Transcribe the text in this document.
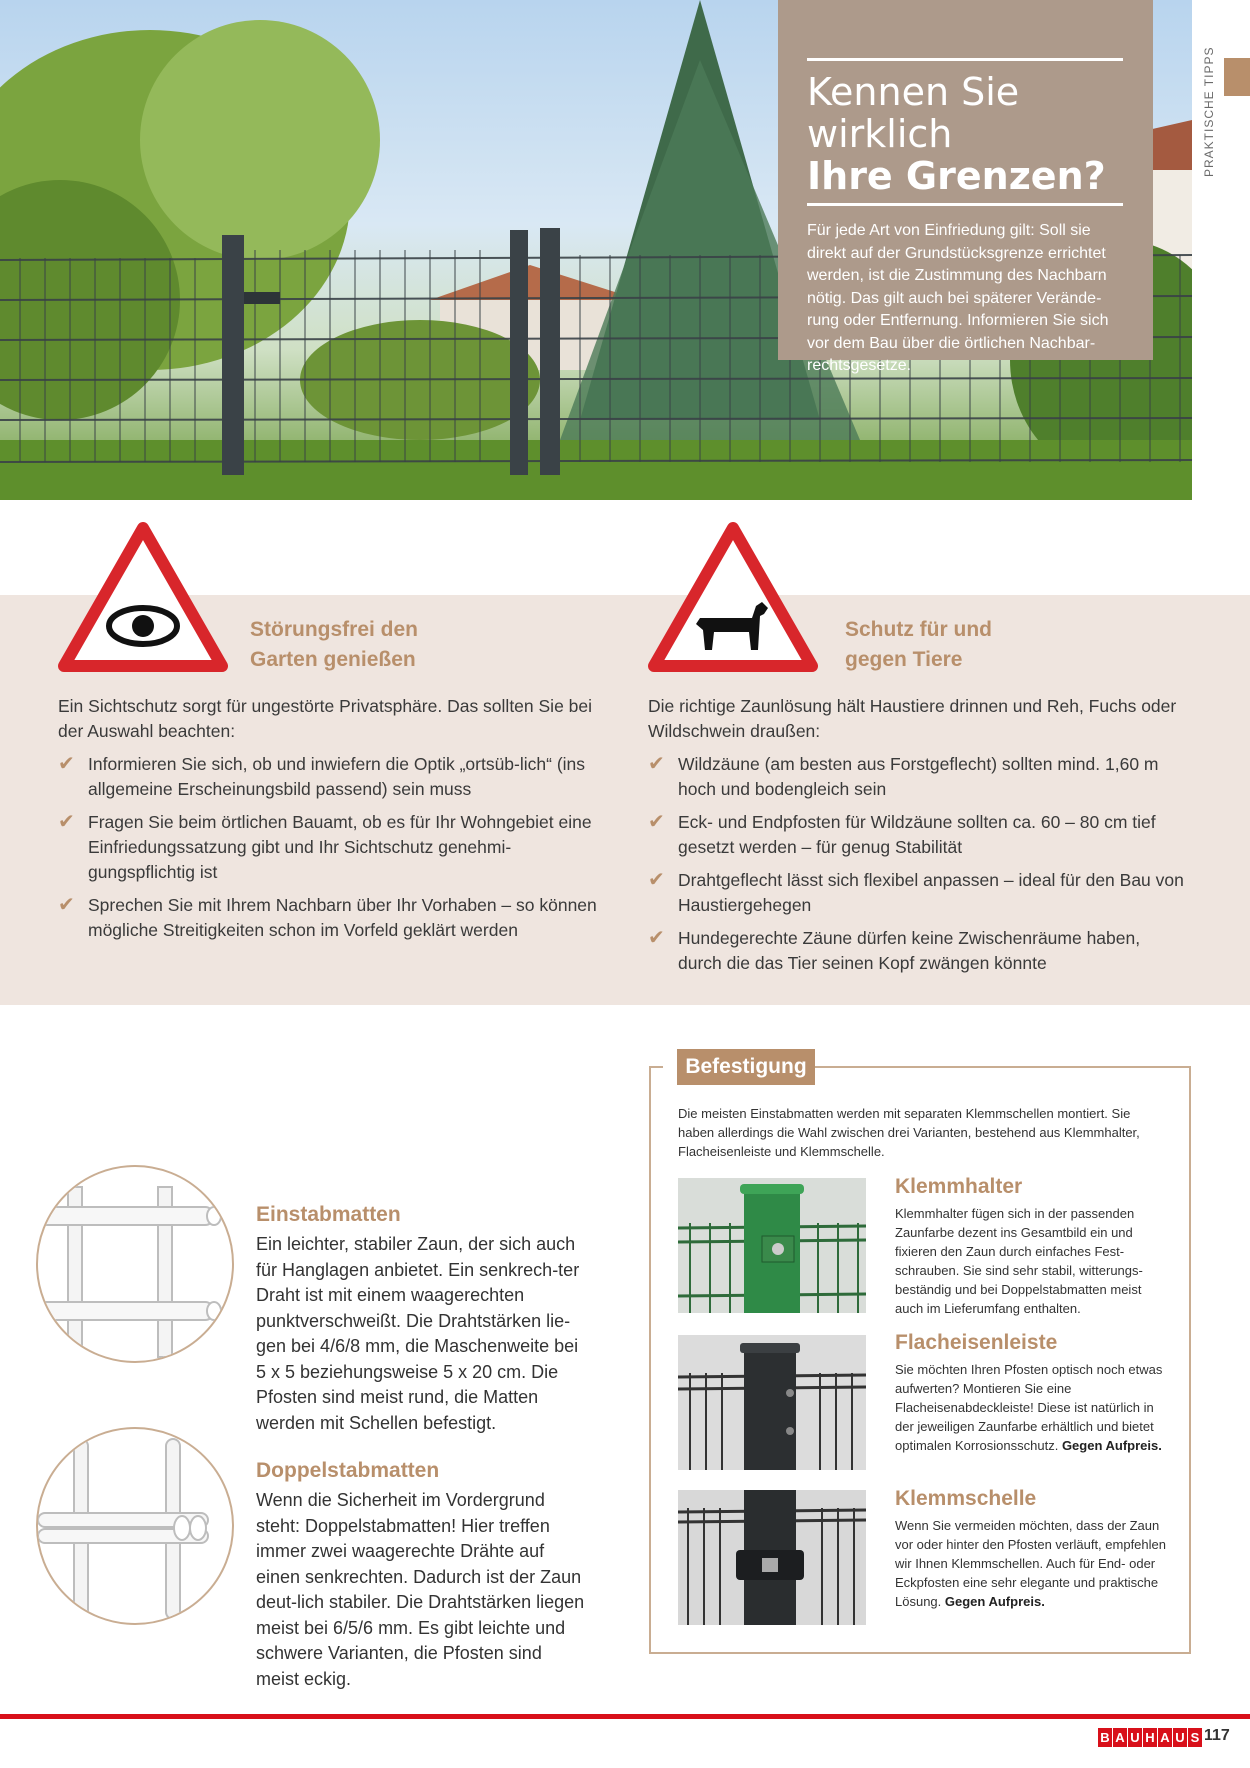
PRAKTISCHE TIPPS
Kennen Sie wirklich
Ihre Grenzen?
Für jede Art von Einfriedung gilt: Soll sie direkt auf der Grundstücksgrenze errichtet werden, ist die Zustimmung des Nachbarn nötig. Das gilt auch bei späterer Verände-rung oder Entfernung. Informieren Sie sich vor dem Bau über die örtlichen Nachbar-rechtsgesetze.
Störungsfrei den
Garten genießen
Ein Sichtschutz sorgt für ungestörte Privatsphäre. Das sollten Sie bei der Auswahl beachten:
✔ Informieren Sie sich, ob und inwiefern die Optik „ortsüb-lich“ (ins allgemeine Erscheinungsbild passend) sein muss
✔ Fragen Sie beim örtlichen Bauamt, ob es für Ihr Wohngebiet eine Einfriedungssatzung gibt und Ihr Sichtschutz genehmi-gungspflichtig ist
✔ Sprechen Sie mit Ihrem Nachbarn über Ihr Vorhaben – so können mögliche Streitigkeiten schon im Vorfeld geklärt werden
Schutz für und
gegen Tiere
Die richtige Zaunlösung hält Haustiere drinnen und Reh, Fuchs oder Wildschwein draußen:
✔ Wildzäune (am besten aus Forstgeflecht) sollten mind. 1,60 m hoch und bodengleich sein
✔ Eck- und Endpfosten für Wildzäune sollten ca. 60 – 80 cm tief gesetzt werden – für genug Stabilität
✔ Drahtgeflecht lässt sich flexibel anpassen – ideal für den Bau von Haustiergehegen
✔ Hundegerechte Zäune dürfen keine Zwischenräume haben, durch die das Tier seinen Kopf zwängen könnte
Einstabmatten
Ein leichter, stabiler Zaun, der sich auch für Hanglagen anbietet. Ein senkrech-ter Draht ist mit einem waagerechten punktverschweißt. Die Drahtstärken lie-gen bei 4/6/8 mm, die Maschenweite bei 5 x 5 beziehungsweise 5 x 20 cm. Die Pfosten sind meist rund, die Matten werden mit Schellen befestigt.
Doppelstabmatten
Wenn die Sicherheit im Vordergrund steht: Doppelstabmatten! Hier treffen immer zwei waagerechte Drähte auf einen senkrechten. Dadurch ist der Zaun deut-lich stabiler. Die Drahtstärken liegen meist bei 6/5/6 mm. Es gibt leichte und schwere Varianten, die Pfosten sind meist eckig.
Befestigung
Die meisten Einstabmatten werden mit separaten Klemmschellen montiert. Sie haben allerdings die Wahl zwischen drei Varianten, bestehend aus Klemmhalter, Flacheisenleiste und Klemmschelle.
Klemmhalter
Klemmhalter fügen sich in der passenden Zaunfarbe dezent ins Gesamtbild ein und fixieren den Zaun durch einfaches Fest-schrauben. Sie sind sehr stabil, witterungs-beständig und bei Doppelstabmatten meist auch im Lieferumfang enthalten.
Flacheisenleiste
Sie möchten Ihren Pfosten optisch noch etwas aufwerten? Montieren Sie eine Flacheisenabdeckleiste! Diese ist natürlich in der jeweiligen Zaunfarbe erhältlich und bietet optimalen Korrosionsschutz. Gegen Aufpreis.
Klemmschelle
Wenn Sie vermeiden möchten, dass der Zaun vor oder hinter den Pfosten verläuft, empfehlen wir Ihnen Klemmschellen. Auch für End- oder Eckpfosten eine sehr elegante und praktische Lösung. Gegen Aufpreis.
B A U H A U S 117
